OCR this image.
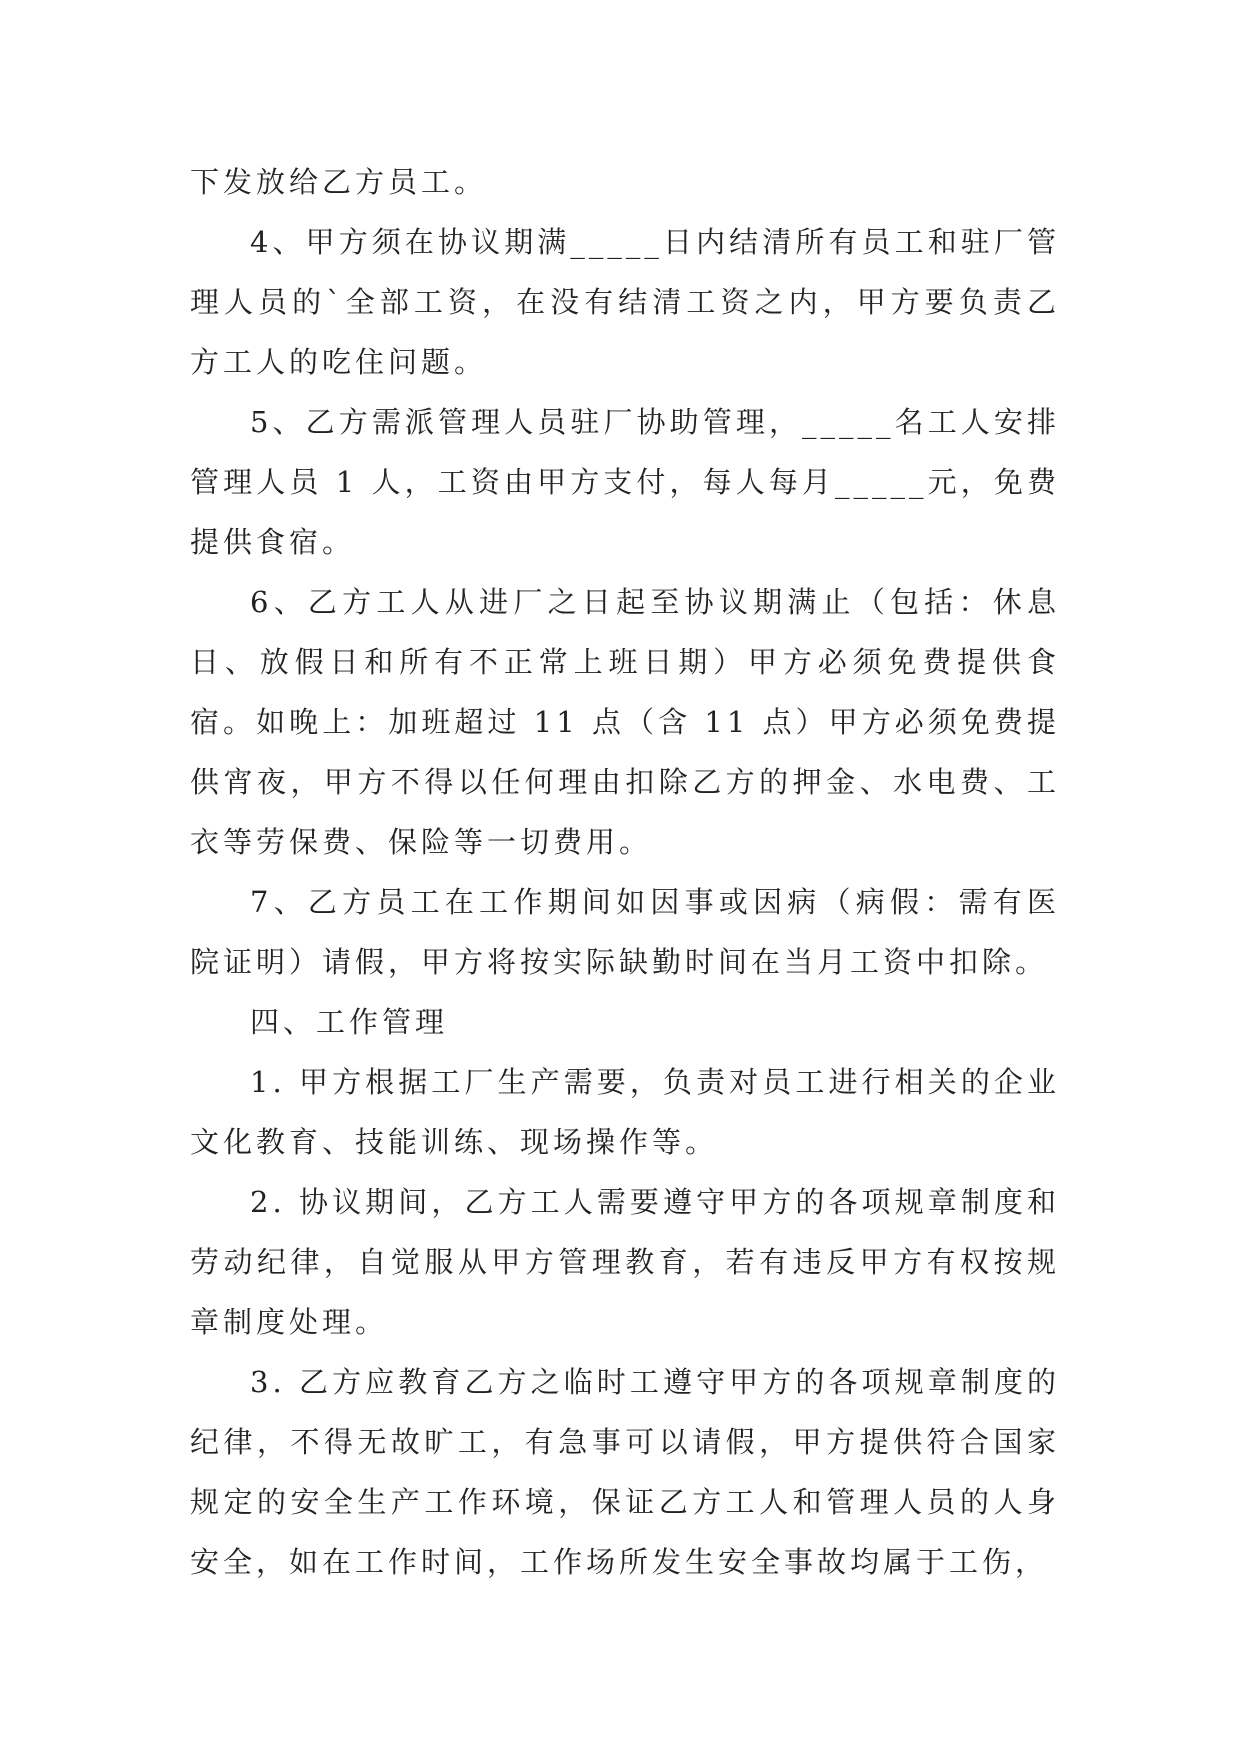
下发放给乙方员工。

4、甲方须在协议期满_____日内结清所有员工和驻厂管理人员的`全部工资，在没有结清工资之内，甲方要负责乙方工人的吃住问题。

5、乙方需派管理人员驻厂协助管理，_____名工人安排管理人员 1 人，工资由甲方支付，每人每月_____元，免费提供食宿。

6、乙方工人从进厂之日起至协议期满止（包括：休息日、放假日和所有不正常上班日期）甲方必须免费提供食宿。如晚上：加班超过 11 点（含 11 点）甲方必须免费提供宵夜，甲方不得以任何理由扣除乙方的押金、水电费、工衣等劳保费、保险等一切费用。

7、乙方员工在工作期间如因事或因病（病假：需有医院证明）请假，甲方将按实际缺勤时间在当月工资中扣除。

四、工作管理

1. 甲方根据工厂生产需要，负责对员工进行相关的企业文化教育、技能训练、现场操作等。

2. 协议期间，乙方工人需要遵守甲方的各项规章制度和劳动纪律，自觉服从甲方管理教育，若有违反甲方有权按规章制度处理。

3. 乙方应教育乙方之临时工遵守甲方的各项规章制度的纪律，不得无故旷工，有急事可以请假，甲方提供符合国家规定的安全生产工作环境，保证乙方工人和管理人员的人身安全，如在工作时间，工作场所发生安全事故均属于工伤，
